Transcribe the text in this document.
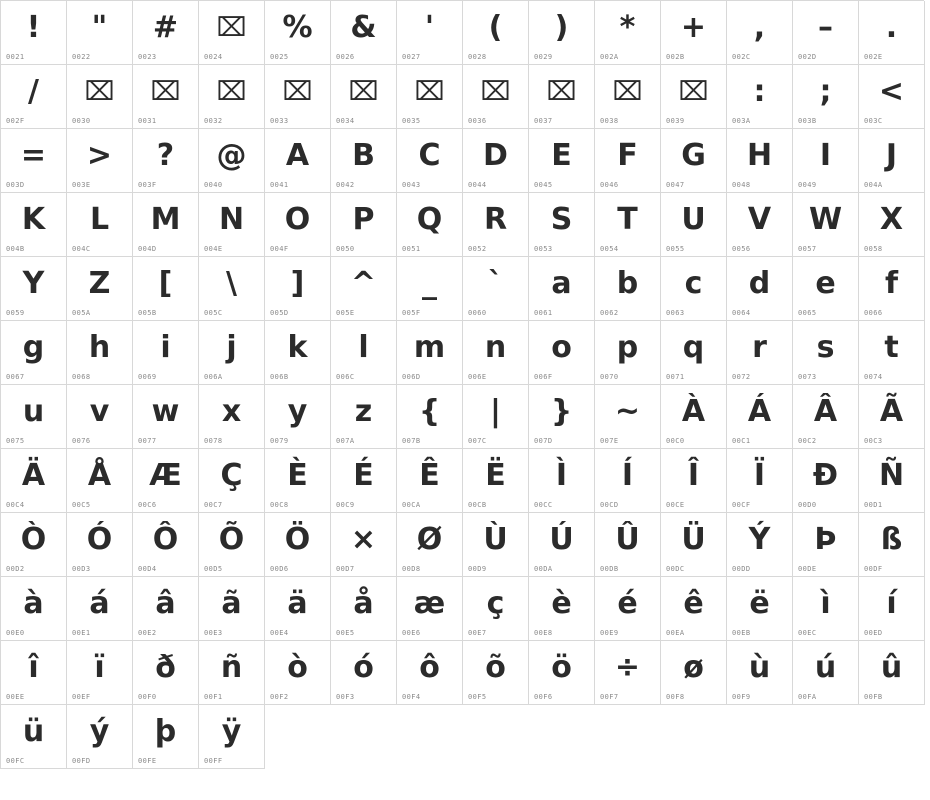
!
0021
"
0022
#
0023
⌧
0024
%
0025
&
0026
'
0027
(
0028
)
0029
*
002A
+
002B
,
002C
–
002D
.
002E
/
002F
⌧
0030
⌧
0031
⌧
0032
⌧
0033
⌧
0034
⌧
0035
⌧
0036
⌧
0037
⌧
0038
⌧
0039
:
003A
;
003B
<
003C
=
003D
>
003E
?
003F
@
0040
A
0041
B
0042
C
0043
D
0044
E
0045
F
0046
G
0047
H
0048
I
0049
J
004A
K
004B
L
004C
M
004D
N
004E
O
004F
P
0050
Q
0051
R
0052
S
0053
T
0054
U
0055
V
0056
W
0057
X
0058
Y
0059
Z
005A
[
005B
\
005C
]
005D
^
005E
_
005F
`
0060
a
0061
b
0062
c
0063
d
0064
e
0065
f
0066
g
0067
h
0068
i
0069
j
006A
k
006B
l
006C
m
006D
n
006E
o
006F
p
0070
q
0071
r
0072
s
0073
t
0074
u
0075
v
0076
w
0077
x
0078
y
0079
z
007A
{
007B
|
007C
}
007D
~
007E
À
00C0
Á
00C1
Â
00C2
Ã
00C3
Ä
00C4
Å
00C5
Æ
00C6
Ç
00C7
È
00C8
É
00C9
Ê
00CA
Ë
00CB
Ì
00CC
Í
00CD
Î
00CE
Ï
00CF
Ð
00D0
Ñ
00D1
Ò
00D2
Ó
00D3
Ô
00D4
Õ
00D5
Ö
00D6
×
00D7
Ø
00D8
Ù
00D9
Ú
00DA
Û
00DB
Ü
00DC
Ý
00DD
Þ
00DE
ß
00DF
à
00E0
á
00E1
â
00E2
ã
00E3
ä
00E4
å
00E5
æ
00E6
ç
00E7
è
00E8
é
00E9
ê
00EA
ë
00EB
ì
00EC
í
00ED
î
00EE
ï
00EF
ð
00F0
ñ
00F1
ò
00F2
ó
00F3
ô
00F4
õ
00F5
ö
00F6
÷
00F7
ø
00F8
ù
00F9
ú
00FA
û
00FB
ü
00FC
ý
00FD
þ
00FE
ÿ
00FF
